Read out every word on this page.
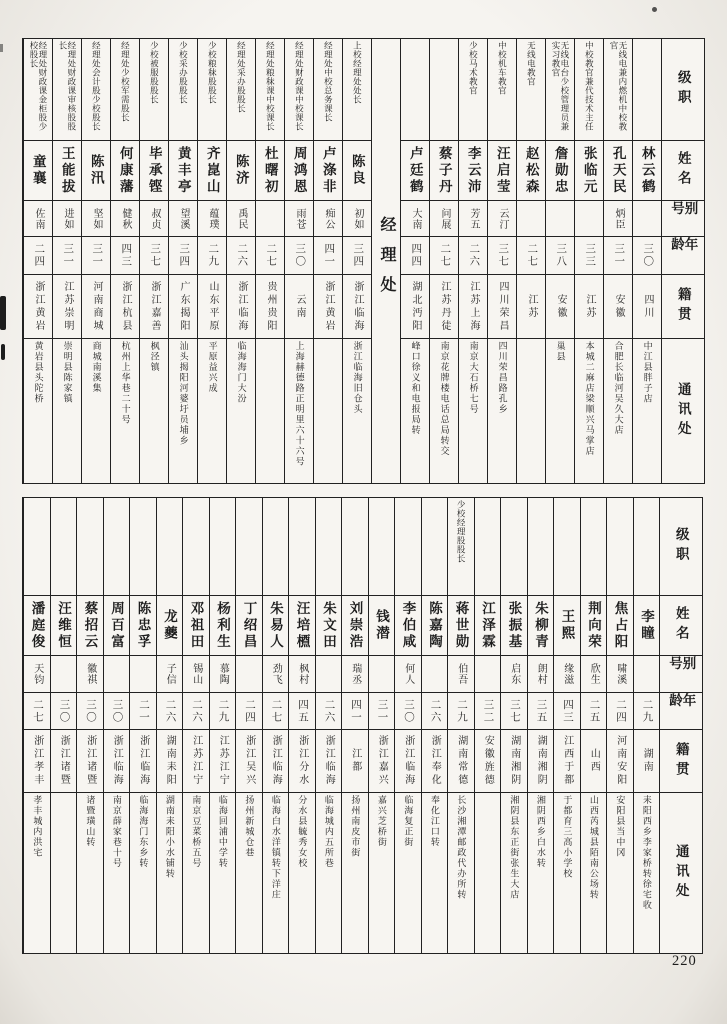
级职
姓名
别号
年龄
籍贯
通讯处
林云鹤
三〇
四川
中江县胖子店
无线电兼内燃机中校教官
孔天民
炳臣
三一
安徽
合肥长临河吴久大店
中校教官兼代技术主任
张临元
三三
江苏
本城二麻店梁顺兴马掌店
无线电台少校管理员兼实习教官
詹勋忠
三八
安徽
巢县
无线电教官
赵松森
二七
江苏
中校机车教官
汪启莹
云汀
三七
四川荣昌
四川荣昌路孔乡
少校马术教官
李云沛
芳五
二六
江苏上海
南京大石桥七号
蔡子丹
问展
二七
江苏丹徒
南京花牌楼电话总局转交
卢廷鹤
大南
四四
湖北沔阳
峰口徐义和电报局转
经理处
上校经理处处长
陈良
初如
三四
浙江临海
浙江临海旧仓头
经理处中校总务课长
卢涤非
痴公
四一
浙江黄岩
经理处财政课中校课长
周鸿恩
雨苍
三〇
云南
上海赫德路正明里六十六号
经理处粮秣课中校课长
杜曙初
二七
贵州贵阳
经理处采办股股长
陈济
禹民
二六
浙江临海
临海海门大汾
少校粮秣股股长
齐崑山
蕴璞
二九
山东平原
平原益兴成
少校采办股股长
黄丰亭
望溪
三四
广东揭阳
汕头揭阳河婆圩员埔乡
少校被服股股长
毕承铿
叔贞
三七
浙江嘉善
枫泾镇
经理处少校军需股长
何康藩
健秋
四三
浙江杭县
杭州上华巷二十号
经理处会计股少校股长
陈汛
坚如
三一
河南商城
商城南溪集
经理处财政课审核股股长
王能拔
进如
三一
江苏崇明
崇明县陈家镇
经理处财政课金柜股少校股长
童襄
佐南
二四
浙江黄岩
黄岩县头陀桥
级职
姓名
别号
年龄
籍贯
通讯处
李瞳
二九
湖南
耒阳西乡李家桥转徐宅收
焦占阳
啸溪
二四
河南安阳
安阳县当中冈
荆向荣
欣生
二五
山西
山西芮城县陌南公场转
王熙
缘滋
四三
江西于都
于都育三高小学校
朱柳青
朗村
三五
湖南湘阴
湘阴西乡白水转
张振基
启东
三七
湖南湘阴
湘阴县东正街张生大店
江泽霖
三二
安徽旌德
少校经理股股长
蒋世勋
伯吾
二九
湖南常德
长沙湘潭邮政代办所转
陈嘉陶
二六
浙江奉化
奉化江口转
李伯咸
何人
三〇
浙江临海
临海复正街
钱潜
三一
浙江嘉兴
嘉兴芝桥街
刘崇浩
瑞丞
四一
江都
扬州南皮市街
朱文田
二六
浙江临海
临海城内五所巷
汪培槱
枫村
四五
浙江分水
分水县毓秀女校
朱易人
劲飞
二七
浙江临海
临海白水洋镇转下洋庄
丁绍昌
二四
浙江吴兴
扬州新城仓巷
杨利生
慕陶
二九
江苏江宁
临海回浦中学转
邓祖田
锡山
二六
江苏江宁
南京豆菜桥五号
龙夔
子信
二六
湖南耒阳
湖南耒阳小水铺转
陈忠孚
二一
浙江临海
临海海门东乡转
周百富
三〇
浙江临海
南京薛家巷十号
蔡招云
徽祺
三〇
浙江诸暨
诸暨璜山转
汪维恒
三〇
浙江诸暨
潘庭俊
天钧
二七
浙江孝丰
孝丰城内洪宅
220
